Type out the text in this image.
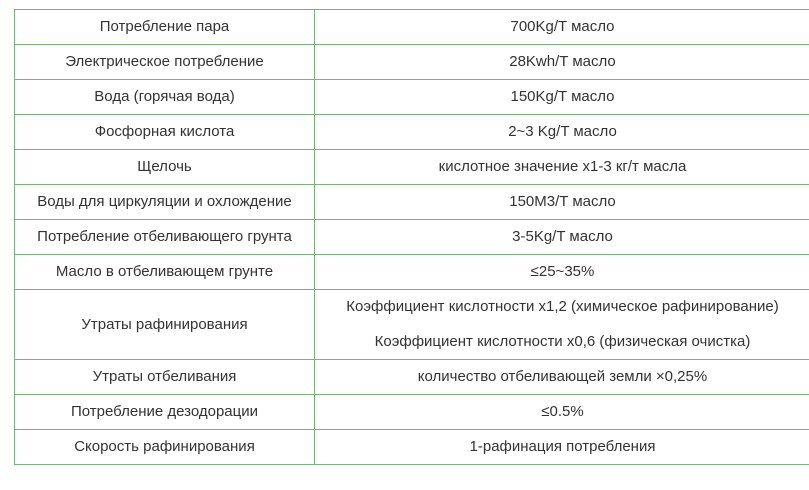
Потребление пара	700Kg/T масло

Электрическое потребление	28Kwh/T масло

Вода (горячая вода)	150Kg/T масло

Фосфорная кислота	2~3 Kg/T масло

Щелочь	кислотное значение x1-3 кг/т масла

Воды для циркуляции и охлождение	150M3/T масло

Потребление отбеливающего грунта	3-5Kg/T масло

Масло в отбеливающем грунте	≤25~35%

Утраты рафинирования	Коэффициент кислотности x1,2 (химическое рафинирование)
Коэффициент кислотности x0,6 (физическая очистка)

Утраты отбеливания	количество отбеливающей земли ×0,25%

Потребление дезодорации	≤0.5%

Скорость рафинирования	1-рафинация потребления
